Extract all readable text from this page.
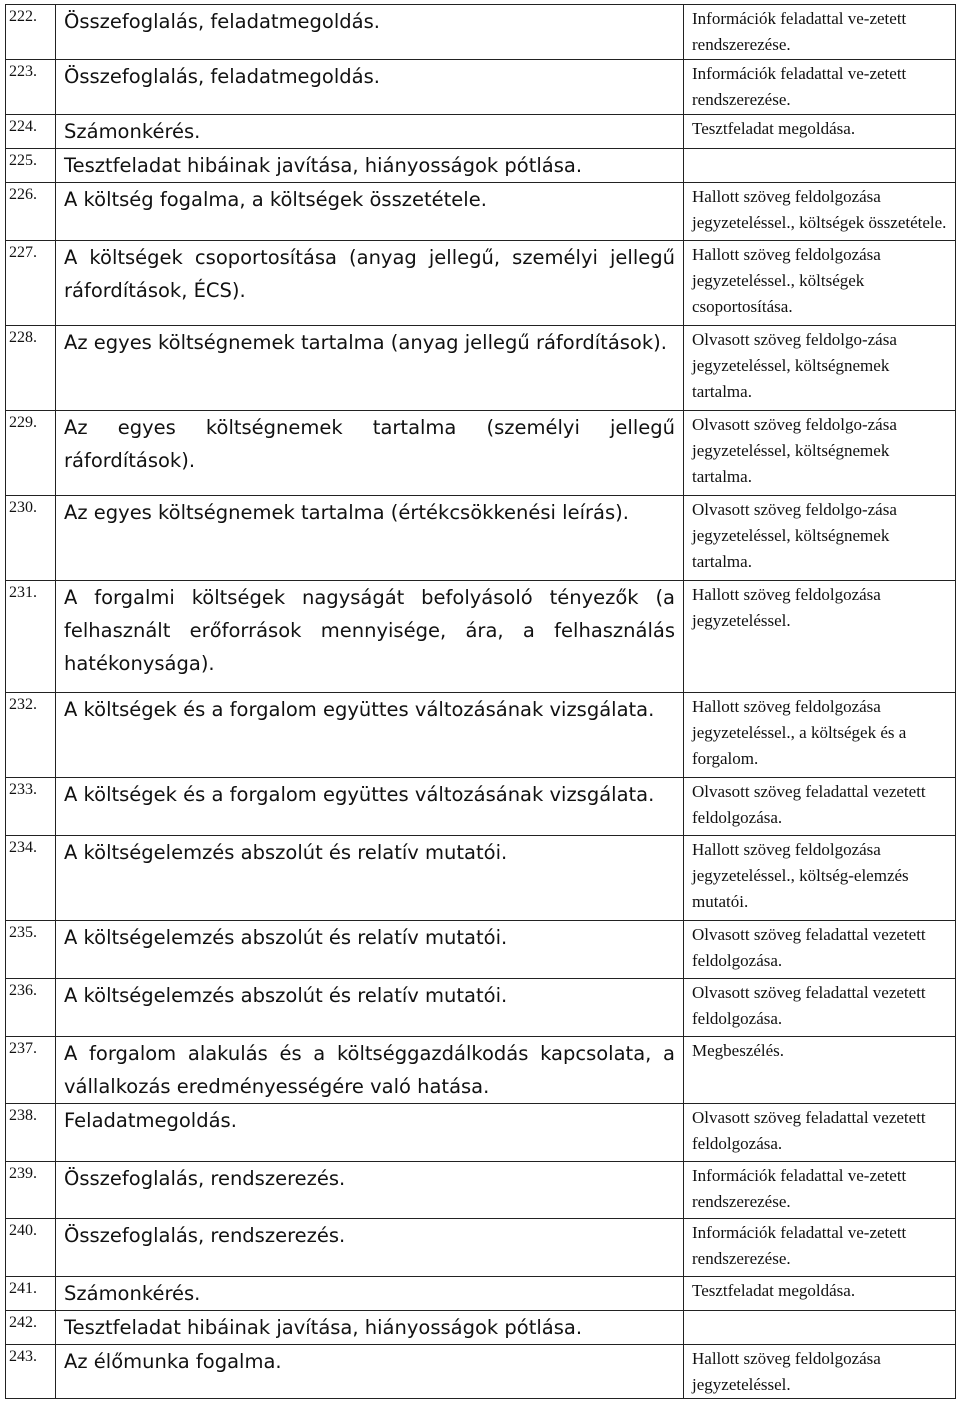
222.	Összefoglalás, feladatmegoldás.	Információk feladattal ve-zetett rendszerezése.
223.	Összefoglalás, feladatmegoldás.	Információk feladattal ve-zetett rendszerezése.
224.	Számonkérés.	Tesztfeladat megoldása.
225.	Tesztfeladat hibáinak javítása, hiányosságok pótlása.	
226.	A költség fogalma, a költségek összetétele.	Hallott szöveg feldolgozása jegyzeteléssel., költségek összetétele.
227.	A költségek csoportosítása (anyag jellegű, személyi jellegű ráfordítások, ÉCS).	Hallott szöveg feldolgozása jegyzeteléssel., költségek csoportosítása.
228.	Az egyes költségnemek tartalma (anyag jellegű ráfordítások).	Olvasott szöveg feldolgo-zása jegyzeteléssel, költségnemek tartalma.
229.	Az egyes költségnemek tartalma (személyi jellegű ráfordítások).	Olvasott szöveg feldolgo-zása jegyzeteléssel, költségnemek tartalma.
230.	Az egyes költségnemek tartalma (értékcsökkenési leírás).	Olvasott szöveg feldolgo-zása jegyzeteléssel, költségnemek tartalma.
231.	A forgalmi költségek nagyságát befolyásoló tényezők (a felhasznált erőforrások mennyisége, ára, a felhasználás hatékonysága).	Hallott szöveg feldolgozása jegyzeteléssel.
232.	A költségek és a forgalom együttes változásának vizsgálata.	Hallott szöveg feldolgozása jegyzeteléssel., a költségek és a forgalom.
233.	A költségek és a forgalom együttes változásának vizsgálata.	Olvasott szöveg feladattal vezetett feldolgozása.
234.	A költségelemzés abszolút és relatív mutatói.	Hallott szöveg feldolgozása jegyzeteléssel., költség-elemzés mutatói.
235.	A költségelemzés abszolút és relatív mutatói.	Olvasott szöveg feladattal vezetett feldolgozása.
236.	A költségelemzés abszolút és relatív mutatói.	Olvasott szöveg feladattal vezetett feldolgozása.
237.	A forgalom alakulás és a költséggazdálkodás kapcsolata, a vállalkozás eredményességére való hatása.	Megbeszélés.
238.	Feladatmegoldás.	Olvasott szöveg feladattal vezetett feldolgozása.
239.	Összefoglalás, rendszerezés.	Információk feladattal ve-zetett rendszerezése.
240.	Összefoglalás, rendszerezés.	Információk feladattal ve-zetett rendszerezése.
241.	Számonkérés.	Tesztfeladat megoldása.
242.	Tesztfeladat hibáinak javítása, hiányosságok pótlása.	
243.	Az élőmunka fogalma.	Hallott szöveg feldolgozása jegyzeteléssel.
